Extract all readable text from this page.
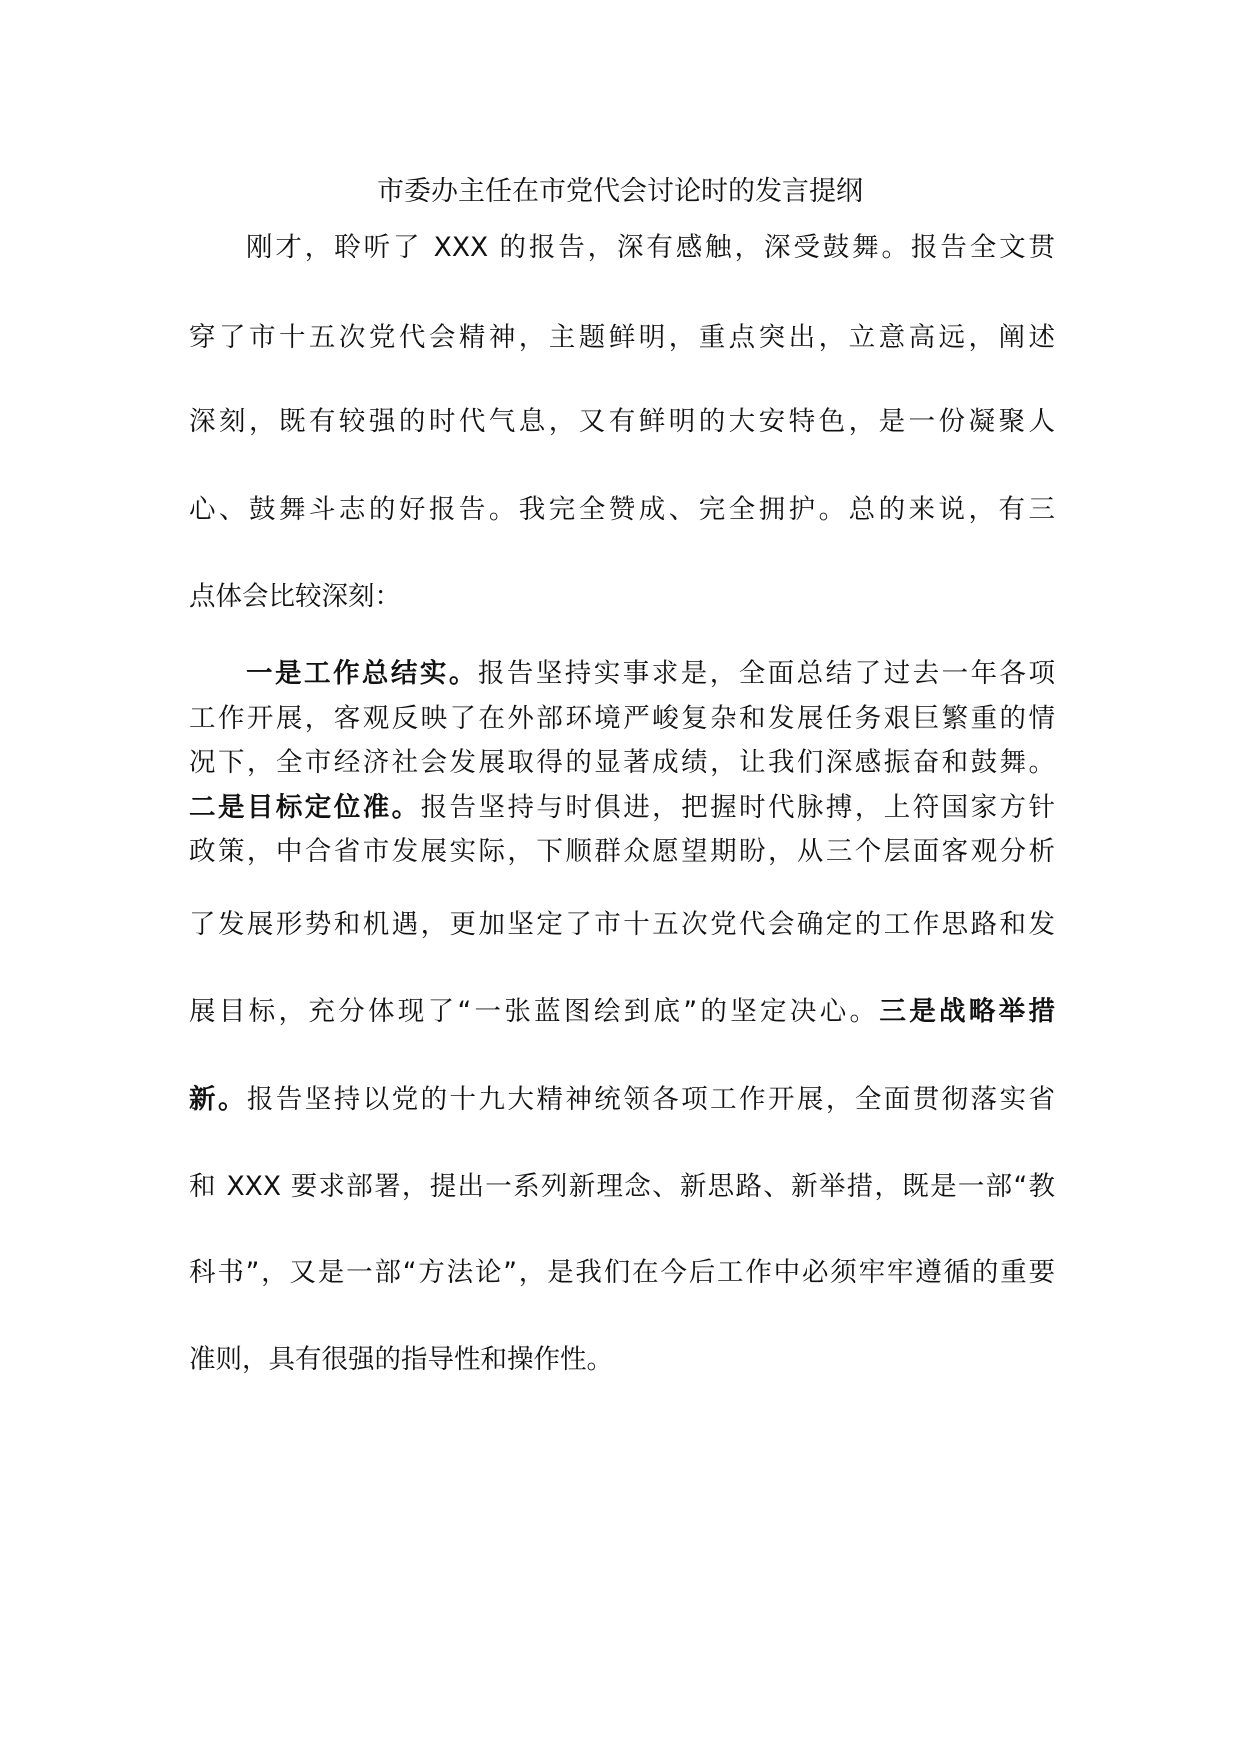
市委办主任在市党代会讨论时的发言提纲
刚才，聆听了 XXX 的报告，深有感触，深受鼓舞。报告全文贯
穿了市十五次党代会精神，主题鲜明，重点突出，立意高远，阐述
深刻，既有较强的时代气息，又有鲜明的大安特色，是一份凝聚人
心、鼓舞斗志的好报告。我完全赞成、完全拥护。总的来说，有三
点体会比较深刻：
一是工作总结实。报告坚持实事求是，全面总结了过去一年各项
工作开展，客观反映了在外部环境严峻复杂和发展任务艰巨繁重的情
况下，全市经济社会发展取得的显著成绩，让我们深感振奋和鼓舞。
二是目标定位准。报告坚持与时俱进，把握时代脉搏，上符国家方针
政策，中合省市发展实际，下顺群众愿望期盼，从三个层面客观分析
了发展形势和机遇，更加坚定了市十五次党代会确定的工作思路和发
展目标，充分体现了“一张蓝图绘到底”的坚定决心。三是战略举措
新。报告坚持以党的十九大精神统领各项工作开展，全面贯彻落实省
和 XXX 要求部署，提出一系列新理念、新思路、新举措，既是一部“教
科书”，又是一部“方法论”，是我们在今后工作中必须牢牢遵循的重要
准则，具有很强的指导性和操作性。
